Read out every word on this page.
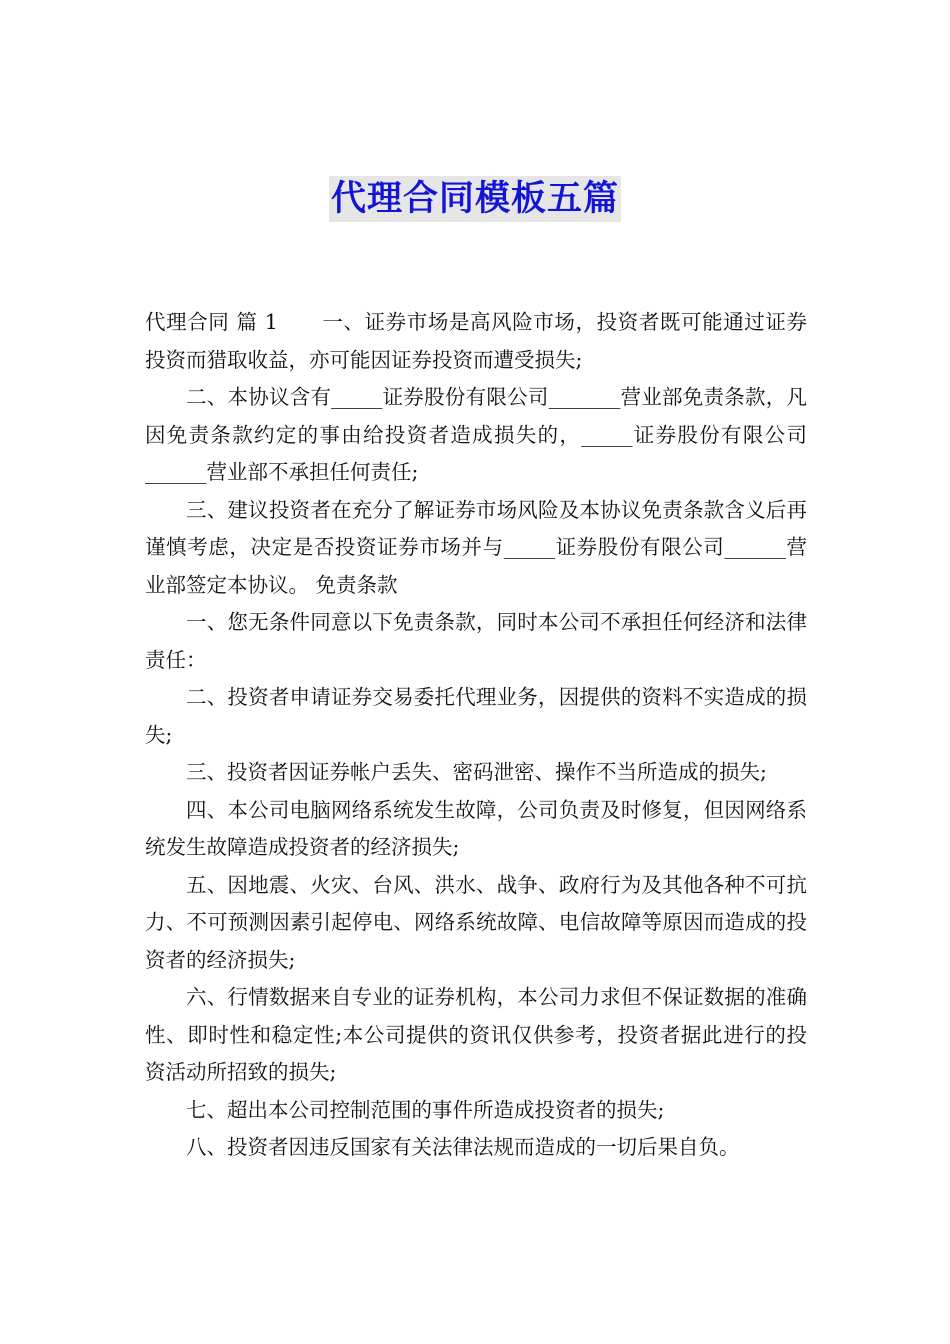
代理合同模板五篇

代理合同 篇 1 一、证券市场是高风险市场，投资者既可能通过证券投资而猎取收益，亦可能因证券投资而遭受损失;

二、本协议含有_____证券股份有限公司_______营业部免责条款，凡因免责条款约定的事由给投资者造成损失的，_____证券股份有限公司______营业部不承担任何责任;

三、建议投资者在充分了解证券市场风险及本协议免责条款含义后再谨慎考虑，决定是否投资证券市场并与_____证券股份有限公司______营业部签定本协议。 免责条款

一、您无条件同意以下免责条款，同时本公司不承担任何经济和法律责任：

二、投资者申请证券交易委托代理业务，因提供的资料不实造成的损失;

三、投资者因证券帐户丢失、密码泄密、操作不当所造成的损失;

四、本公司电脑网络系统发生故障，公司负责及时修复，但因网络系统发生故障造成投资者的经济损失;

五、因地震、火灾、台风、洪水、战争、政府行为及其他各种不可抗力、不可预测因素引起停电、网络系统故障、电信故障等原因而造成的投资者的经济损失;

六、行情数据来自专业的证券机构，本公司力求但不保证数据的准确性、即时性和稳定性;本公司提供的资讯仅供参考，投资者据此进行的投资活动所招致的损失;

七、超出本公司控制范围的事件所造成投资者的损失;

八、投资者因违反国家有关法律法规而造成的一切后果自负。
